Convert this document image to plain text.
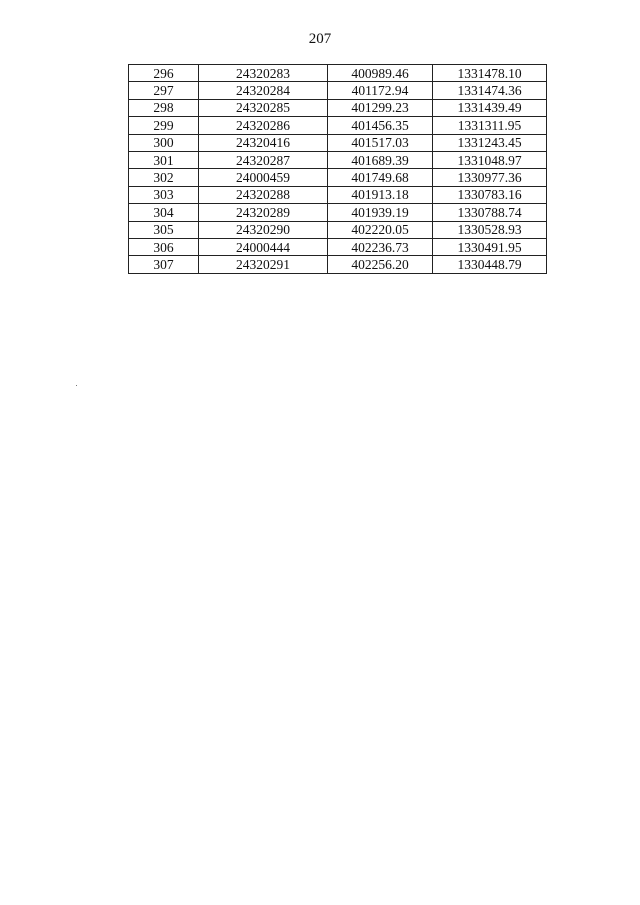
207
296	24320283	400989.46	1331478.10
297	24320284	401172.94	1331474.36
298	24320285	401299.23	1331439.49
299	24320286	401456.35	1331311.95
300	24320416	401517.03	1331243.45
301	24320287	401689.39	1331048.97
302	24000459	401749.68	1330977.36
303	24320288	401913.18	1330783.16
304	24320289	401939.19	1330788.74
305	24320290	402220.05	1330528.93
306	24000444	402236.73	1330491.95
307	24320291	402256.20	1330448.79
